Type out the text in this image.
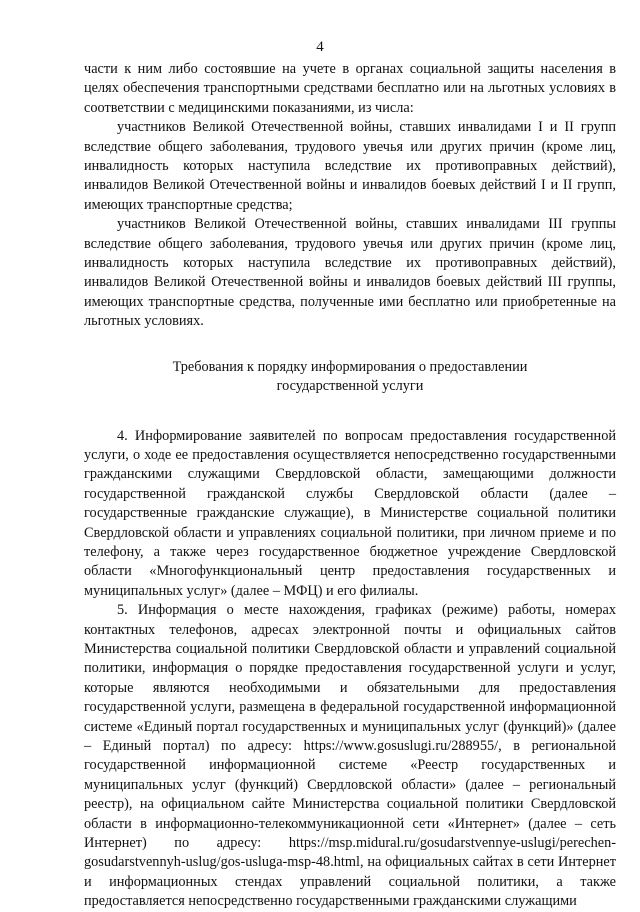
4

части к ним либо состоявшие на учете в органах социальной защиты населения в целях обеспечения транспортными средствами бесплатно или на льготных условиях в соответствии с медицинскими показаниями, из числа:

участников Великой Отечественной войны, ставших инвалидами I и II групп вследствие общего заболевания, трудового увечья или других причин (кроме лиц, инвалидность которых наступила вследствие их противоправных действий), инвалидов Великой Отечественной войны и инвалидов боевых действий I и II групп, имеющих транспортные средства;

участников Великой Отечественной войны, ставших инвалидами III группы вследствие общего заболевания, трудового увечья или других причин (кроме лиц, инвалидность которых наступила вследствие их противоправных действий), инвалидов Великой Отечественной войны и инвалидов боевых действий III группы, имеющих транспортные средства, полученные ими бесплатно или приобретенные на льготных условиях.

Требования к порядку информирования о предоставлении
государственной услуги

4. Информирование заявителей по вопросам предоставления государственной услуги, о ходе ее предоставления осуществляется непосредственно государственными гражданскими служащими Свердловской области, замещающими должности государственной гражданской службы Свердловской области (далее – государственные гражданские служащие), в Министерстве социальной политики Свердловской области и управлениях социальной политики, при личном приеме и по телефону, а также через государственное бюджетное учреждение Свердловской области «Многофункциональный центр предоставления государственных и муниципальных услуг» (далее – МФЦ) и его филиалы.

5. Информация о месте нахождения, графиках (режиме) работы, номерах контактных телефонов, адресах электронной почты и официальных сайтов Министерства социальной политики Свердловской области и управлений социальной политики, информация о порядке предоставления государственной услуги и услуг, которые являются необходимыми и обязательными для предоставления государственной услуги, размещена в федеральной государственной информационной системе «Единый портал государственных и муниципальных услуг (функций)» (далее – Единый портал) по адресу: https://www.gosuslugi.ru/288955/, в региональной государственной информационной системе «Реестр государственных и муниципальных услуг (функций) Свердловской области» (далее – региональный реестр), на официальном сайте Министерства социальной политики Свердловской области в информационно-телекоммуникационной сети «Интернет» (далее – сеть Интернет) по адресу: https://msp.midural.ru/gosudarstvennye-uslugi/perechen-gosudarstvennyh-uslug/gos-usluga-msp-48.html, на официальных сайтах в сети Интернет и информационных стендах управлений социальной политики, а также предоставляется непосредственно государственными гражданскими служащими
